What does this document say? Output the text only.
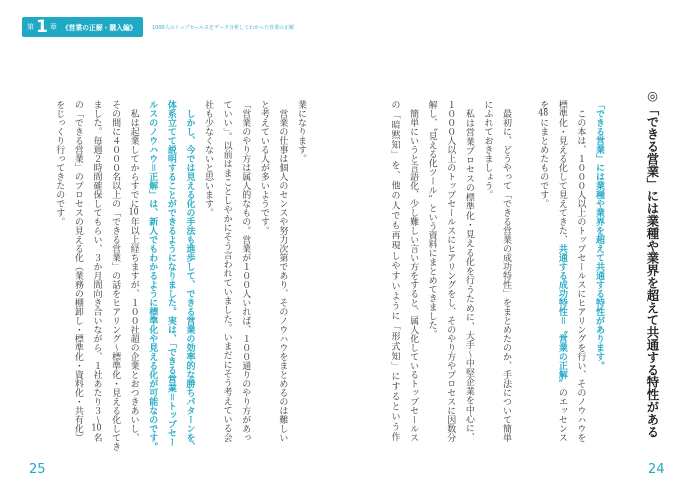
第 1 章 《営業の正解・購入編》	1000人のトップセールスをデータ分析してわかった営業の正解
◎「できる営業」には業種や業界を超えて共通する特性がある
「できる営業」には業種や業界を超えて共通する特性があります。
　この本は、１０００人以上のトップセールスにヒアリングを行い、そのノウハウを
標準化・見える化して見えてきた、共通する成功特性＝〝営業の正解〟のエッセンス
を48にまとめたものです。
　最初に、どうやって「できる営業の成功特性」をまとめたのか、手法について簡単
にふれておきましょう。
　私は営業プロセスの標準化・見える化を行うために、大手～中堅企業を中心に、
１０００人以上のトップセールスにヒアリングをし、そのやり方やプロセスに因数分
解し、〝見える化ツール〟という資料にまとめてきました。
　簡単にいうと言語化、少し難しい言い方をすると、属人化しているトップセールス
の「暗黙知」を、他の人でも再現しやすいように「形式知」にするという作
24
業になります。
　営業の仕事は個人のセンスや努力次第であり、そのノウハウをまとめるのは難しい
と考えている人が多いようです。
「営業のやり方は属人的なもの。営業が１００人いれば、１００通りのやり方があっ
ていい」。以前はまことしやかにそう言われていました。いまだにそう考えている会
社も少なくないと思います。
　しかし、今では見える化の手法も進歩して、できる営業の効率的な勝ちパターンを、
体系立てて説明することができるようになりました。実は、「できる営業＝トップセー
ルスのノウハウ＝正解」は、新人でもわかるように標準化や見える化が可能なのです。
　私は起業してからすでに10年以上経ちますが、１００社超の企業とおつきあいし、
その間に４０００名以上の「できる営業」の話をヒアリング～標準化・見える化してき
ました。毎週２時間確保してもらい、３か月間向き合いながら、１社あたり３～10名
の「できる営業」のプロセスの見える化（業務の棚卸し・標準化・資料化・共有化）
をじっくり行ってきたのです。
25
